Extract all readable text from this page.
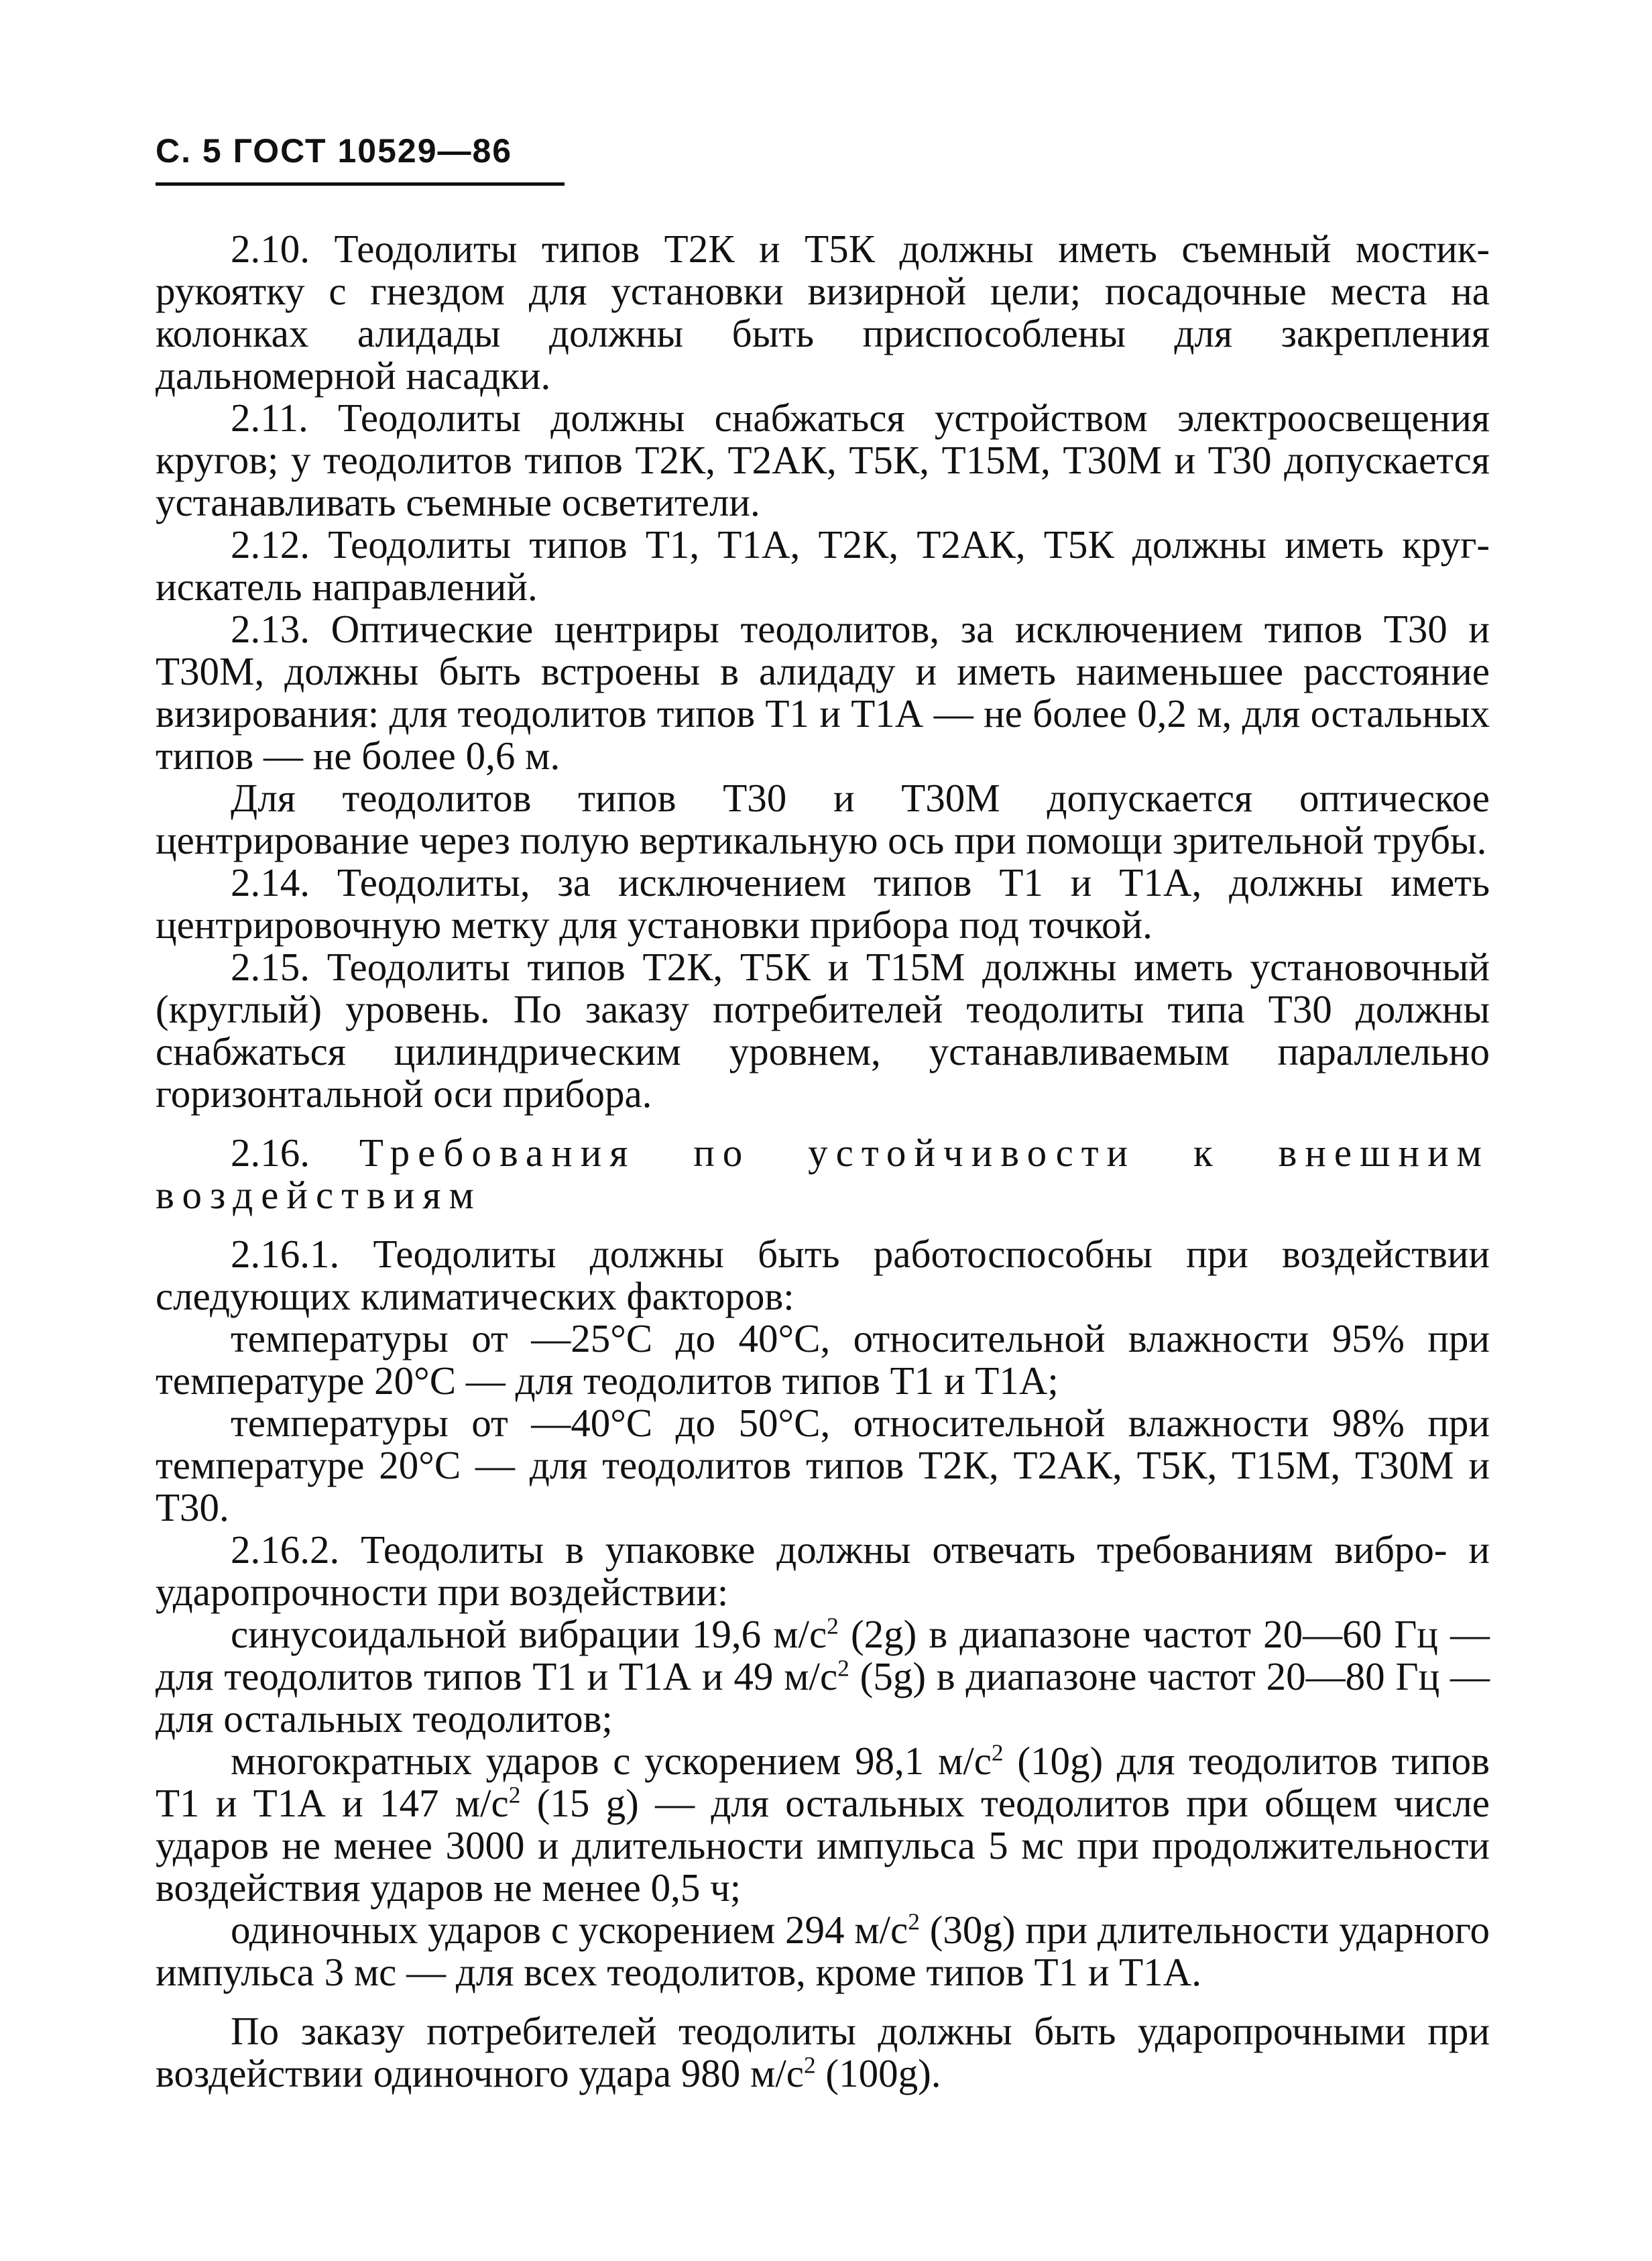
С. 5 ГОСТ 10529—86

2.10. Теодолиты типов Т2К и Т5К должны иметь съемный мостик-рукоятку с гнездом для установки визирной цели; посадочные места на колонках алидады должны быть приспособлены для закрепления дальномерной насадки.

2.11. Теодолиты должны снабжаться устройством электроосвещения кругов; у теодолитов типов Т2К, Т2АК, Т5К, Т15М, Т30М и Т30 допускается устанавливать съемные осветители.

2.12. Теодолиты типов Т1, Т1А, Т2К, Т2АК, Т5К должны иметь круг-искатель направлений.

2.13. Оптические центриры теодолитов, за исключением типов Т30 и Т30М, должны быть встроены в алидаду и иметь наименьшее расстояние визирования: для теодолитов типов Т1 и Т1А — не более 0,2 м, для остальных типов — не более 0,6 м.

Для теодолитов типов Т30 и Т30М допускается оптическое центрирование через полую вертикальную ось при помощи зрительной трубы.

2.14. Теодолиты, за исключением типов Т1 и Т1А, должны иметь центрировочную метку для установки прибора под точкой.

2.15. Теодолиты типов Т2К, Т5К и Т15М должны иметь установочный (круглый) уровень. По заказу потребителей теодолиты типа Т30 должны снабжаться цилиндрическим уровнем, устанавливаемым параллельно горизонтальной оси прибора.

2.16. Требования по устойчивости к внешним воздействиям

2.16.1. Теодолиты должны быть работоспособны при воздействии следующих климатических факторов:

температуры от —25°С до 40°С, относительной влажности 95% при температуре 20°С — для теодолитов типов Т1 и Т1А;

температуры от —40°С до 50°С, относительной влажности 98% при температуре 20°С — для теодолитов типов Т2К, Т2АК, Т5К, Т15М, Т30М и Т30.

2.16.2. Теодолиты в упаковке должны отвечать требованиям вибро- и ударопрочности при воздействии:

синусоидальной вибрации 19,6 $м/с^2$ (2g) в диапазоне частот 20—60 Гц — для теодолитов типов Т1 и Т1А и 49 $м/с^2$ (5g) в диапазоне частот 20—80 Гц — для остальных теодолитов;

многократных ударов с ускорением 98,1 $м/с^2$ (10g) для теодолитов типов Т1 и Т1А и 147 $м/с^2$ (15 g) — для остальных теодолитов при общем числе ударов не менее 3000 и длительности импульса 5 мс при продолжительности воздействия ударов не менее 0,5 ч;

одиночных ударов с ускорением 294 $м/с^2$ (30g) при длительности ударного импульса 3 мс — для всех теодолитов, кроме типов Т1 и Т1А.

По заказу потребителей теодолиты должны быть ударопрочными при воздействии одиночного удара 980 $м/с^2$ (100g).
